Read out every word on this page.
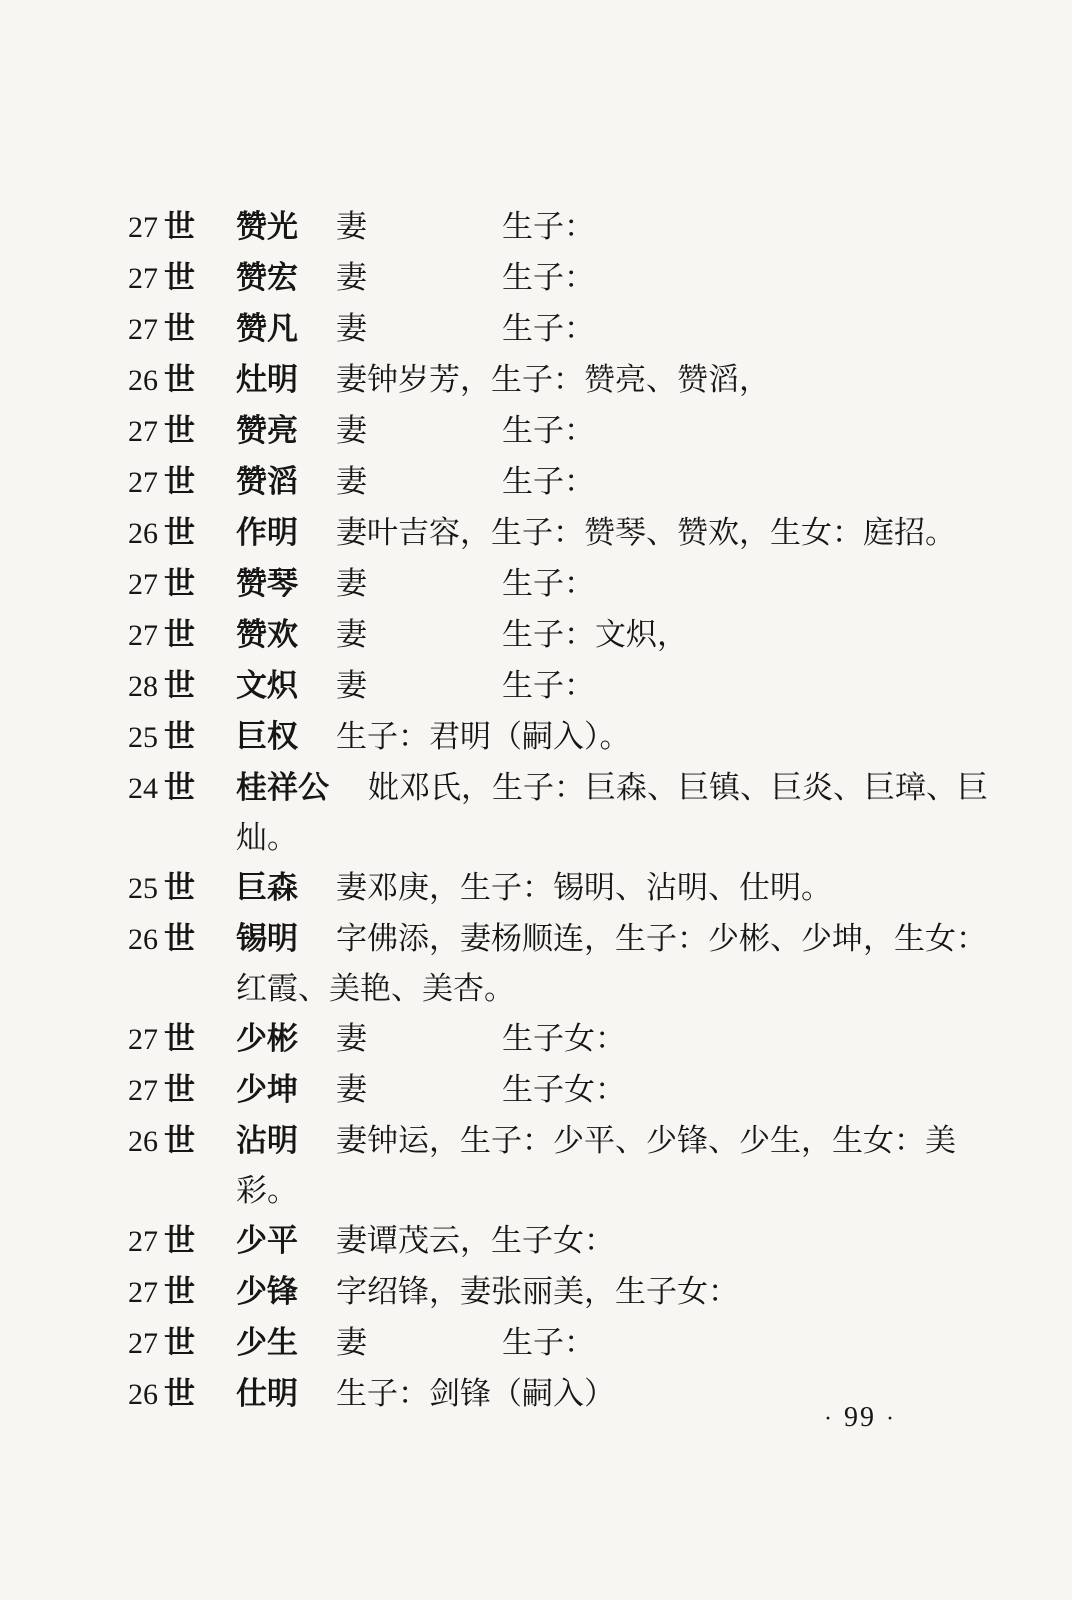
27 世	赞光	妻	生子：
27 世	赞宏	妻	生子：
27 世	赞凡	妻	生子：
26 世	灶明	妻钟岁芳，生子：赞亮、赞滔，
27 世	赞亮	妻	生子：
27 世	赞滔	妻	生子：
26 世	作明	妻叶吉容，生子：赞琴、赞欢，生女：庭招。
27 世	赞琴	妻	生子：
27 世	赞欢	妻	生子：文炽，
28 世	文炽	妻	生子：
25 世	巨权	生子：君明（嗣入）。
24 世	桂祥公	妣邓氏，生子：巨森、巨镇、巨炎、巨璋、巨
灿。
25 世	巨森	妻邓庚，生子：锡明、沾明、仕明。
26 世	锡明	字佛添，妻杨顺连，生子：少彬、少坤，生女：
红霞、美艳、美杏。
27 世	少彬	妻	生子女：
27 世	少坤	妻	生子女：
26 世	沾明	妻钟运，生子：少平、少锋、少生，生女：美
彩。
27 世	少平	妻谭茂云，生子女：
27 世	少锋	字绍锋，妻张丽美，生子女：
27 世	少生	妻	生子：
26 世	仕明	生子：剑锋（嗣入）
· 99 ·
